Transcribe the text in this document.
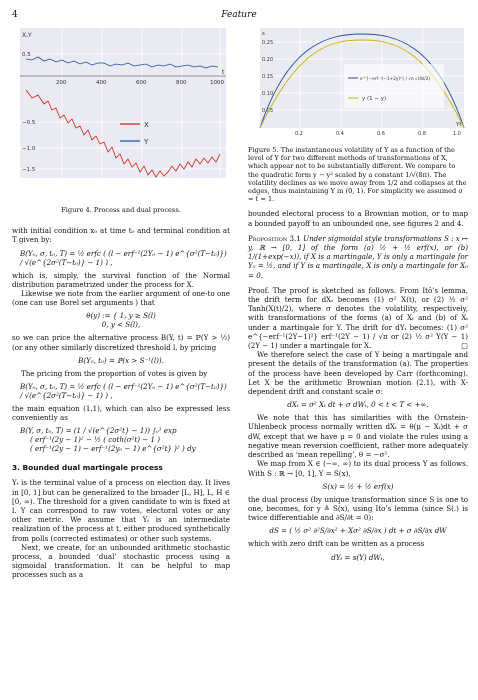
4	Feature
X,Y
t
0.5
−0.5
−1.0
−1.5
200	400	600	800	1000
X
Y
Figure 4. Process and dual process.

with initial condition x₀ at time t₀ and terminal condition at T given by:

B(Y₀, σ, t₀, T) = ½ erfc ( (l − erf⁻¹(2Y₀ − 1) e^{σ²(T−t₀)}) / √(e^{2σ²(T−t₀)} − 1) ) ,

which is, simply, the survival function of the Normal distribution parametrized under the process for X.

Likewise we note from the earlier argument of one-to one (one can use Borel set arguments ) that

θ(y) := { 1, y ≥ S(l)
0, y < S(l),

so we can price the alternative process B(Y, t) = ℙ(Y > ½) (or any other similarly discretized threshold l, by pricing

B(Y₀, t₀) = ℙ(x > S⁻¹(l)).

The pricing from the proportion of votes is given by

B(Y₀, σ, t₀, T) = ½ erfc ( (l − erf⁻¹(2Y₀ − 1) e^{σ²(T−t₀)}) / √(e^{2σ²(T−t₀)} − 1) ) ,

the main equation (1.1), which can also be expressed less conveniently as

B(Y, σ, t₀, T) = (1 / √(e^{2σ²t} − 1)) ∫₀¹ exp
( erf⁻¹(2y − 1)² − ½ ( coth(σ²t) − 1 )
( erf⁻¹(2y − 1) − erf⁻¹(2y₀ − 1) e^{σ²t} )² ) dy
3. Bounded dual martingale process

Yₜ is the terminal value of a process on election day. It lives in [0, 1] but can be generalized to the broader [L, H], L, H ∈ [0, ∞). The threshold for a given candidate to win is fixed at l. Y can correspond to raw votes, electoral votes or any other metric. We assume that Yₜ is an intermediate realization of the process at t, either produced synthetically from polls (corrected estimates) or other such systems.

Next, we create, for an unbounded arithmetic stochastic process, a bounded ‘dual’ stochastic process using a sigmoidal transformation. It can be helpful to map processes such as a

s
0.25
0.20
0.15
0.10
0.05
0.2	0.4	0.6	0.8	1.0
Yt
e^{−erf⁻¹(−1+2y)²} / √π √(4π/2)
y (1 − y)
Figure 5. The instantaneous volatility of Y as a function of the level of Y for two different methods of transformations of X, which appear not to be substantially different. We compare to the quadratic form y − y² scaled by a constant 1/√(8π). The volatility declines as we move away from 1/2 and collapses at the edges, thus maintaining Y in (0, 1). For simplicity we assumed σ = t = 1.

bounded electoral process to a Brownian motion, or to map a bounded payoff to an unbounded one, see figures 2 and 4.

Proposition 3.1 Under sigmoidal style transformations S : x ↦ y, ℝ → [0, 1] of the form (a) ½ + ½ erf(x), or (b) 1/(1+exp(−x)), if X is a martingale, Y is only a martingale for Y₀ = ½, and if Y is a martingale, X is only a martingale for X₀ = 0.

Proof. The proof is sketched as follows. From Itô’s lemma, the drift term for dXₜ becomes (1) σ² X(t), or (2) ½ σ² Tanh(X(t)/2), where σ denotes the volatility, respectively, with transformations of the forms (a) of Xₜ and (b) of Xₜ under a martingale for Y. The drift for dYₜ becomes: (1) σ² e^{−erf⁻¹(2Y−1)²} erf⁻¹(2Y − 1) / √π or (2) ½ σ² Y(Y − 1)(2Y − 1) under a martingale for X.	□

We therefore select the case of Y being a martingale and present the details of the transformation (a). The properties of the process have been developed by Carr (forthcoming). Let X be the arithmetic Brownian motion (2.1), with X-dependent drift and constant scale σ:

dXₜ = σ² Xₜ dt + σ dWₜ, 0 < t < T < +∞.

We note that this has similarities with the Ornstein-Uhlenbeck process normally written dXₜ = θ(μ − Xₜ)dt + σ dW, except that we have μ = 0 and violate the rules using a negative mean reversion coefficient, rather more adequately described as ‘mean repelling’, θ = −σ².

We map from X ∈ (−∞, ∞) to its dual process Y as follows. With S : ℝ → [0, 1], Y = S(x),

S(x) = ½ + ½ erf(x)

the dual process (by unique transformation since S is one to one, becomes, for y ≜ S(x), using Ito’s lemma (since S(.) is twice differentiable and ∂S/∂t = 0):

dS = ( ½ σ² ∂²S/∂x² + Xσ² ∂S/∂x ) dt + σ ∂S/∂x dW

which with zero drift can be written as a process

dYₜ = s(Y) dWₜ,
